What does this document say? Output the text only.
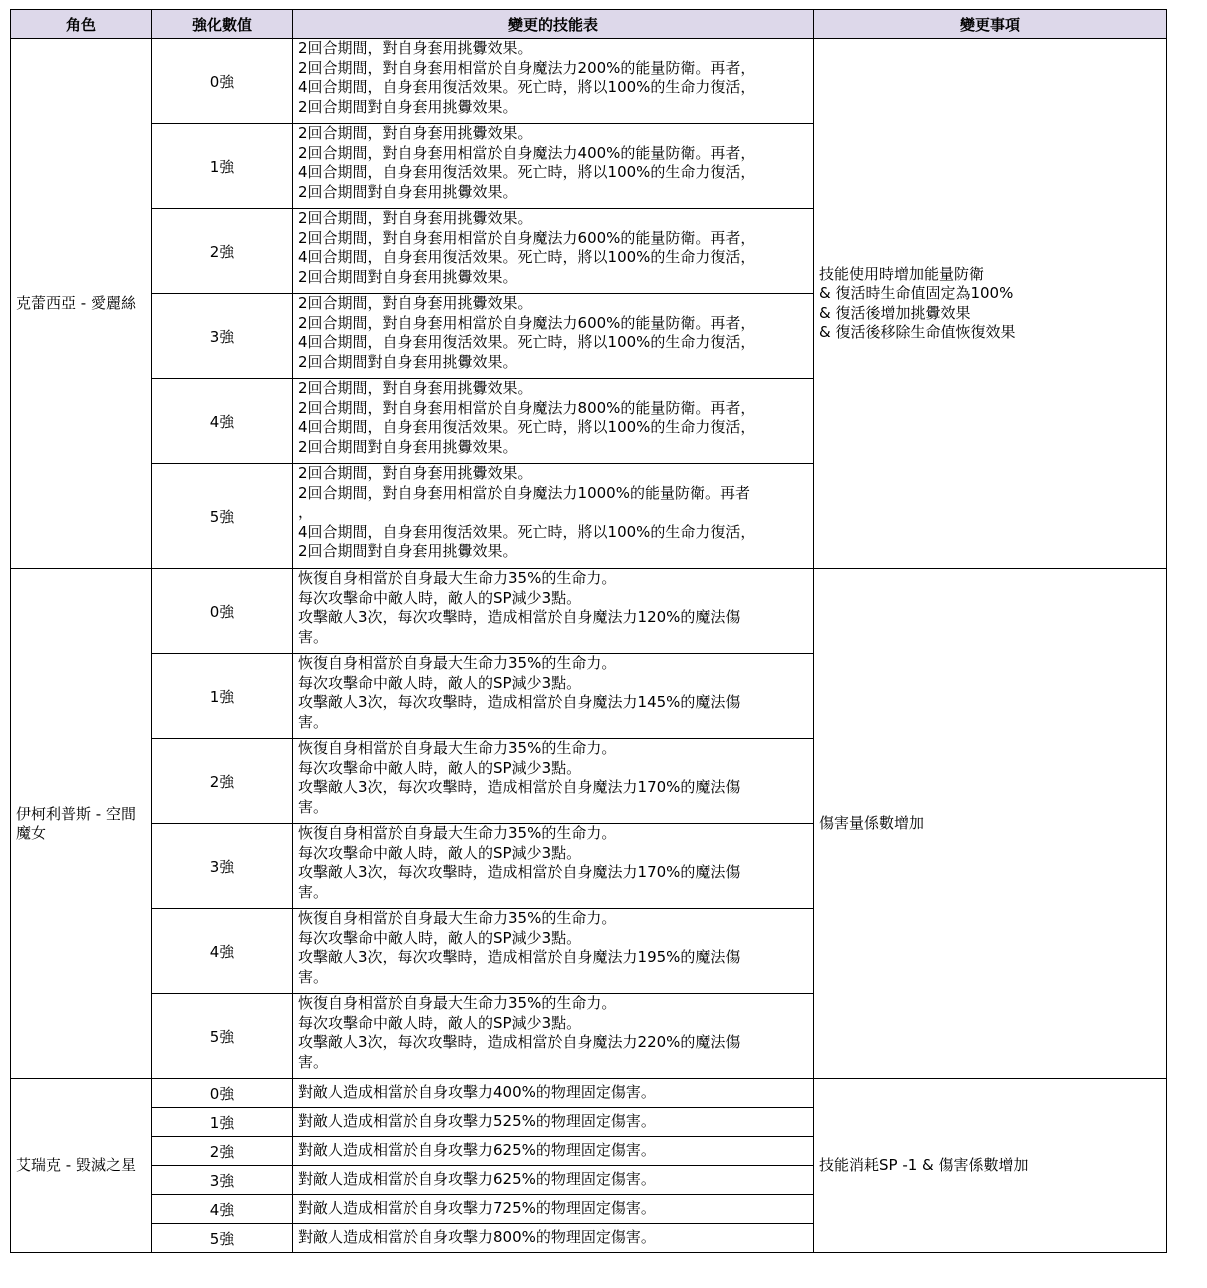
角色	強化數值	變更的技能表	變更事項
克蕾西亞 - 愛麗絲	0強	2回合期間，對自身套用挑釁效果。
2回合期間，對自身套用相當於自身魔法力200%的能量防衛。再者，
4回合期間，自身套用復活效果。死亡時，將以100%的生命力復活，
2回合期間對自身套用挑釁效果。	技能使用時增加能量防衛
& 復活時生命值固定為100%
& 復活後增加挑釁效果
& 復活後移除生命值恢復效果

	1強	2回合期間，對自身套用挑釁效果。
2回合期間，對自身套用相當於自身魔法力400%的能量防衛。再者，
4回合期間，自身套用復活效果。死亡時，將以100%的生命力復活，
2回合期間對自身套用挑釁效果。	

	2強	2回合期間，對自身套用挑釁效果。
2回合期間，對自身套用相當於自身魔法力600%的能量防衛。再者，
4回合期間，自身套用復活效果。死亡時，將以100%的生命力復活，
2回合期間對自身套用挑釁效果。	

	3強	2回合期間，對自身套用挑釁效果。
2回合期間，對自身套用相當於自身魔法力600%的能量防衛。再者，
4回合期間，自身套用復活效果。死亡時，將以100%的生命力復活，
2回合期間對自身套用挑釁效果。	

	4強	2回合期間，對自身套用挑釁效果。
2回合期間，對自身套用相當於自身魔法力800%的能量防衛。再者，
4回合期間，自身套用復活效果。死亡時，將以100%的生命力復活，
2回合期間對自身套用挑釁效果。	

	5強	2回合期間，對自身套用挑釁效果。
2回合期間，對自身套用相當於自身魔法力1000%的能量防衛。再者
，
4回合期間，自身套用復活效果。死亡時，將以100%的生命力復活，
2回合期間對自身套用挑釁效果。	

伊柯利普斯 - 空間魔女	0強	恢復自身相當於自身最大生命力35%的生命力。
每次攻擊命中敵人時，敵人的SP減少3點。
攻擊敵人3次，每次攻擊時，造成相當於自身魔法力120%的魔法傷
害。	傷害量係數增加

	1強	恢復自身相當於自身最大生命力35%的生命力。
每次攻擊命中敵人時，敵人的SP減少3點。
攻擊敵人3次，每次攻擊時，造成相當於自身魔法力145%的魔法傷
害。	

	2強	恢復自身相當於自身最大生命力35%的生命力。
每次攻擊命中敵人時，敵人的SP減少3點。
攻擊敵人3次，每次攻擊時，造成相當於自身魔法力170%的魔法傷
害。	

	3強	恢復自身相當於自身最大生命力35%的生命力。
每次攻擊命中敵人時，敵人的SP減少3點。
攻擊敵人3次，每次攻擊時，造成相當於自身魔法力170%的魔法傷
害。	

	4強	恢復自身相當於自身最大生命力35%的生命力。
每次攻擊命中敵人時，敵人的SP減少3點。
攻擊敵人3次，每次攻擊時，造成相當於自身魔法力195%的魔法傷
害。	

	5強	恢復自身相當於自身最大生命力35%的生命力。
每次攻擊命中敵人時，敵人的SP減少3點。
攻擊敵人3次，每次攻擊時，造成相當於自身魔法力220%的魔法傷
害。	

艾瑞克 - 毀滅之星	0強	對敵人造成相當於自身攻擊力400%的物理固定傷害。	技能消耗SP -1 & 傷害係數增加

	1強	對敵人造成相當於自身攻擊力525%的物理固定傷害。	

	2強	對敵人造成相當於自身攻擊力625%的物理固定傷害。	

	3強	對敵人造成相當於自身攻擊力625%的物理固定傷害。	

	4強	對敵人造成相當於自身攻擊力725%的物理固定傷害。	

	5強	對敵人造成相當於自身攻擊力800%的物理固定傷害。	
